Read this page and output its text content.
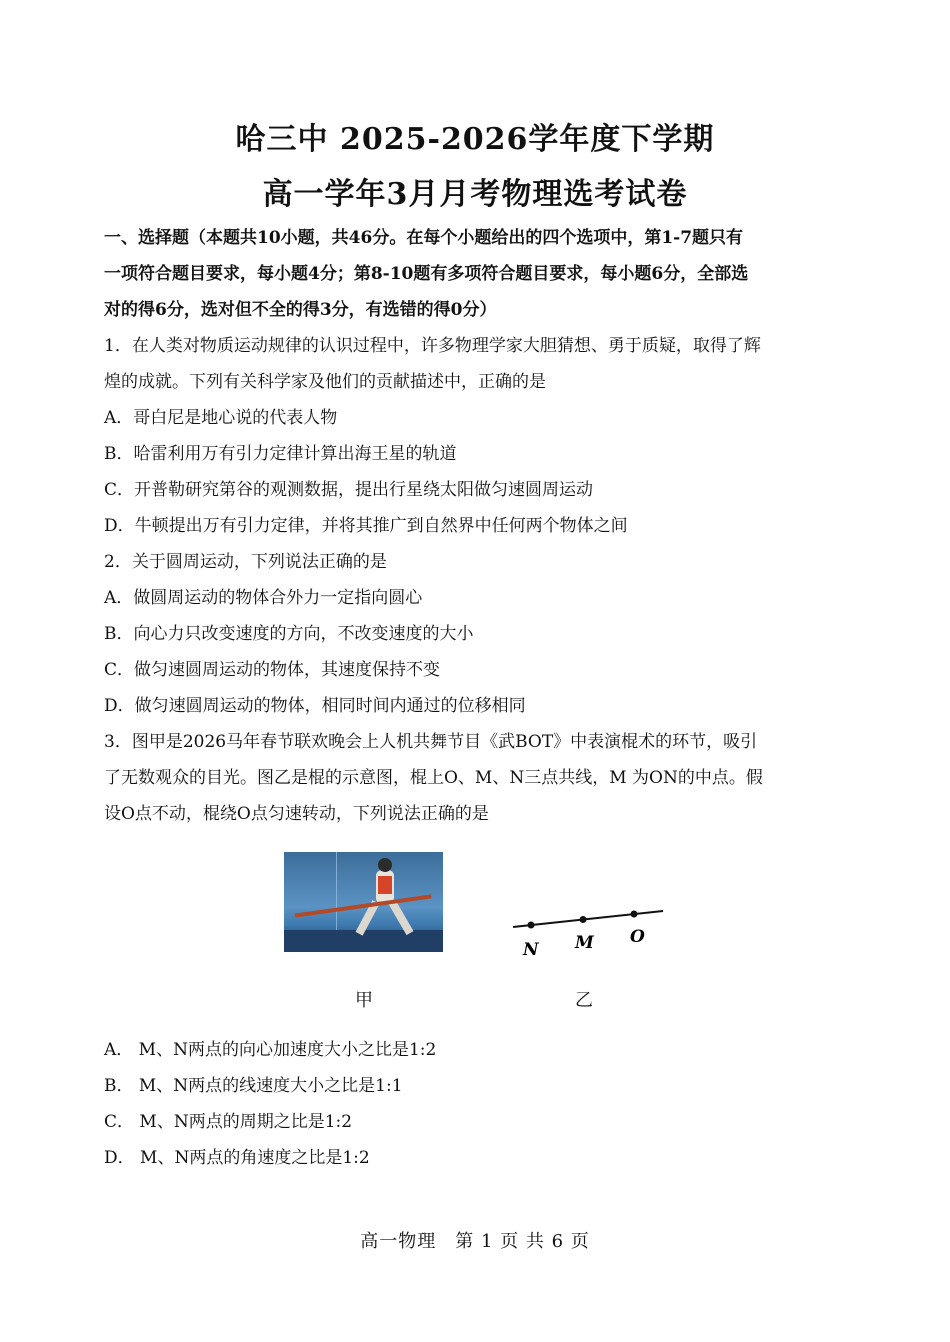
哈三中 2025-2026学年度下学期
高一学年3月月考物理选考试卷
一、选择题（本题共10小题，共46分。在每个小题给出的四个选项中，第1-7题只有
一项符合题目要求，每小题4分；第8-10题有多项符合题目要求，每小题6分，全部选
对的得6分，选对但不全的得3分，有选错的得0分）
1．在人类对物质运动规律的认识过程中，许多物理学家大胆猜想、勇于质疑，取得了辉
煌的成就。下列有关科学家及他们的贡献描述中，正确的是
A．哥白尼是地心说的代表人物
B．哈雷利用万有引力定律计算出海王星的轨道
C．开普勒研究第谷的观测数据，提出行星绕太阳做匀速圆周运动
D．牛顿提出万有引力定律，并将其推广到自然界中任何两个物体之间
2．关于圆周运动，下列说法正确的是
A．做圆周运动的物体合外力一定指向圆心
B．向心力只改变速度的方向，不改变速度的大小
C．做匀速圆周运动的物体，其速度保持不变
D．做匀速圆周运动的物体，相同时间内通过的位移相同
3．图甲是2026马年春节联欢晚会上人机共舞节目《武BOT》中表演棍术的环节，吸引
了无数观众的目光。图乙是棍的示意图，棍上O、M、N三点共线，M 为ON的中点。假
设O点不动，棍绕O点匀速转动，下列说法正确的是
N M O
甲	乙
A． M、N两点的向心加速度大小之比是1:2
B． M、N两点的线速度大小之比是1:1
C． M、N两点的周期之比是1:2
D． M、N两点的角速度之比是1:2
高一物理　第 1 页 共 6 页
